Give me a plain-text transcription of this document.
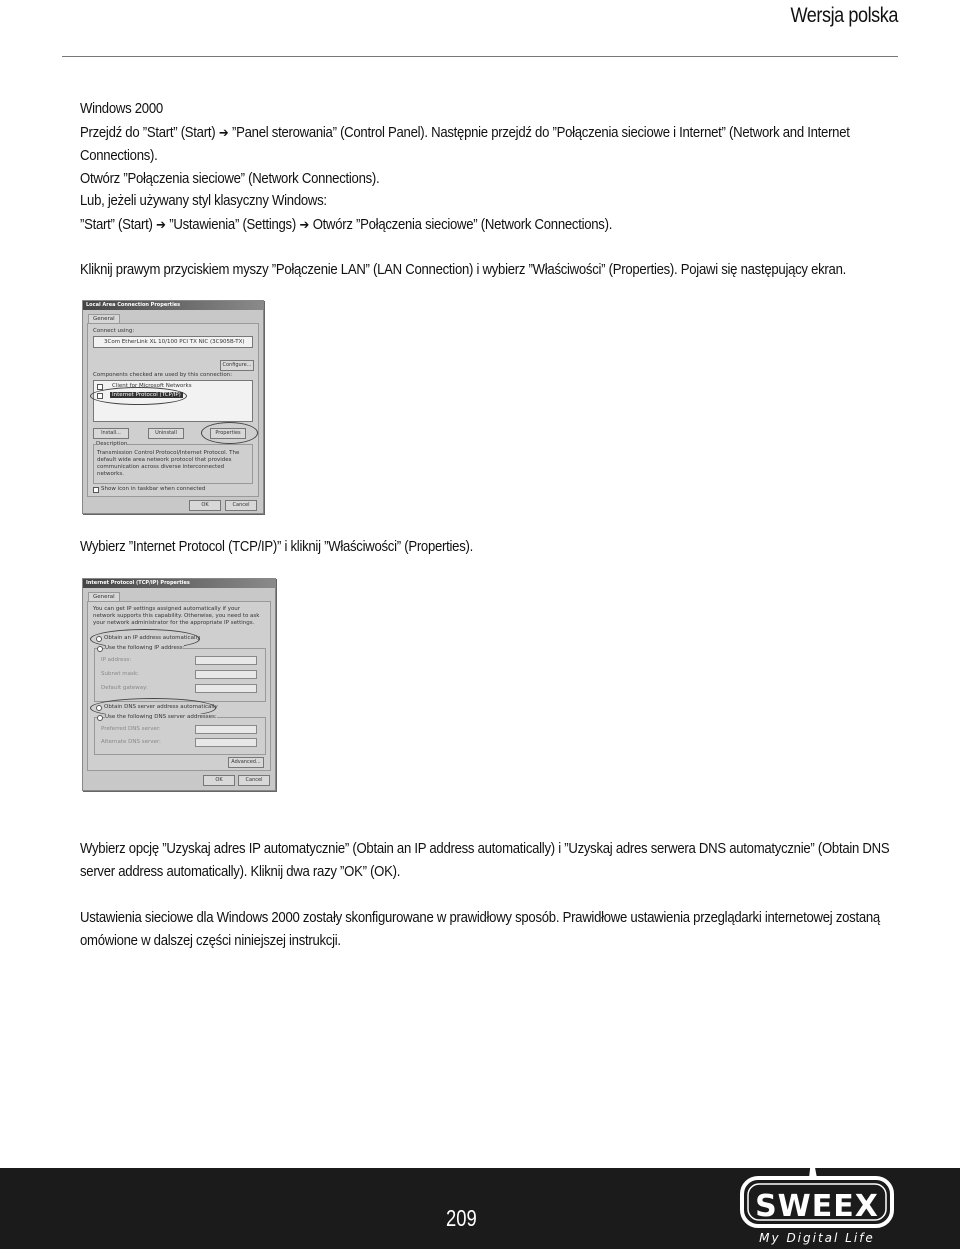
Wersja polska
Windows 2000
Przejdź do ”Start” (Start) ➔ ”Panel sterowania” (Control Panel). Następnie przejdź do ”Połączenia sieciowe i Internet” (Network and Internet Connections).
Otwórz ”Połączenia sieciowe” (Network Connections).
Lub, jeżeli używany styl klasyczny Windows:
”Start” (Start) ➔ ”Ustawienia” (Settings) ➔ Otwórz ”Połączenia sieciowe” (Network Connections).
Kliknij prawym przyciskiem myszy ”Połączenie LAN” (LAN Connection) i wybierz ”Właściwości” (Properties). Pojawi się następujący ekran.
Local Area Connection Properties
General
Connect using:
3Com EtherLink XL 10/100 PCI TX NIC (3C905B-TX)
Configure...
Components checked are used by this connection:
Client for Microsoft Networks
Internet Protocol (TCP/IP)
Install...	Uninstall	Properties
Description
Transmission Control Protocol/Internet Protocol. The default wide area network protocol that provides communication across diverse interconnected networks.
Show icon in taskbar when connected
OK	Cancel
Wybierz ”Internet Protocol (TCP/IP)” i kliknij ”Właściwości” (Properties).
Internet Protocol (TCP/IP) Properties
General
You can get IP settings assigned automatically if your network supports this capability. Otherwise, you need to ask your network administrator for the appropriate IP settings.
Obtain an IP address automatically
Use the following IP address:
IP address:
Subnet mask:
Default gateway:
Obtain DNS server address automatically
Use the following DNS server addresses:
Preferred DNS server:
Alternate DNS server:
Advanced...
OK	Cancel
Wybierz opcję ”Uzyskaj adres IP automatycznie” (Obtain an IP address automatically) i ”Uzyskaj adres serwera DNS automatycznie” (Obtain DNS server address automatically). Kliknij dwa razy ”OK” (OK).
Ustawienia sieciowe dla Windows 2000 zostały skonfigurowane w prawidłowy sposób. Prawidłowe ustawienia przeglądarki internetowej zostaną omówione w dalszej części niniejszej instrukcji.
209	SWEEX
My Digital Life
